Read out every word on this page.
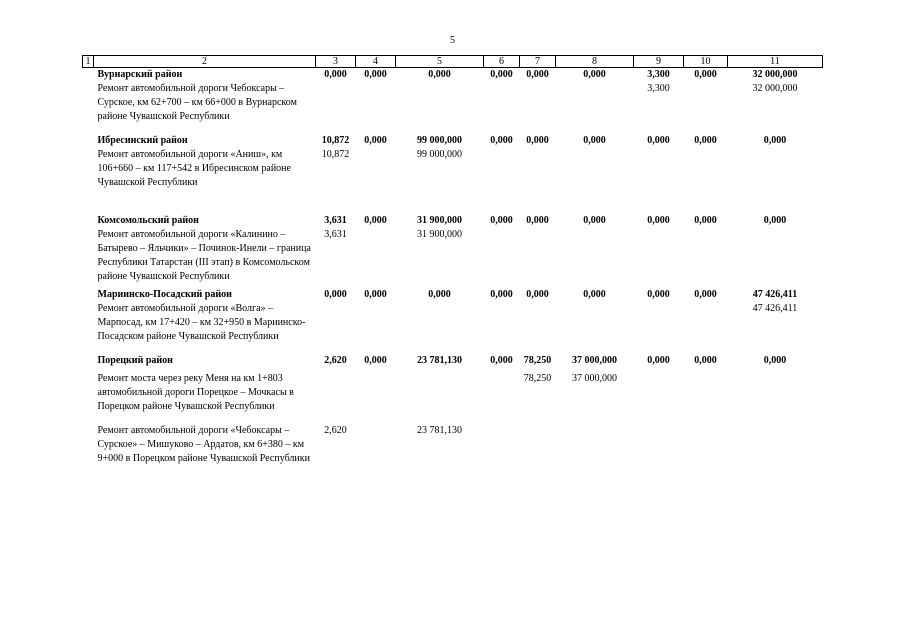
5
1	2	3	4	5	6	7	8	9	10	11
	Вурнарский район	0,000	0,000	0,000	0,000	0,000	0,000	3,300	0,000	32 000,000
	Ремонт автомобильной дороги Чебоксары – Сурское, км 62+700 – км 66+000 в Вурнарском районе Чувашской Республики							3,300		32 000,000
	Ибресинский район	10,872	0,000	99 000,000	0,000	0,000	0,000	0,000	0,000	0,000
	Ремонт автомобильной дороги «Аниш», км 106+660 – км 117+542 в Ибресинском районе Чувашской Республики	10,872		99 000,000						
	Комсомольский район	3,631	0,000	31 900,000	0,000	0,000	0,000	0,000	0,000	0,000
	Ремонт автомобильной дороги «Калинино – Батырево – Яльчики» – Починок-Инели – граница Республики Татарстан (III этап) в Комсомольском районе Чувашской Республики	3,631		31 900,000						
	Мариинско-Посадский район	0,000	0,000	0,000	0,000	0,000	0,000	0,000	0,000	47 426,411
	Ремонт автомобильной дороги «Волга» – Марпосад, км 17+420 – км 32+950 в Мариинско-Посадском районе Чувашской Республики									47 426,411
	Порецкий район	2,620	0,000	23 781,130	0,000	78,250	37 000,000	0,000	0,000	0,000
	Ремонт моста через реку Меня на км 1+803 автомобильной дороги Порецкое – Мочкасы в Порецком районе Чувашской Республики					78,250	37 000,000			
	Ремонт автомобильной дороги «Чебоксары – Сурское» – Мишуково – Ардатов, км 6+380 – км 9+000 в Порецком районе Чувашской Республики	2,620		23 781,130						
